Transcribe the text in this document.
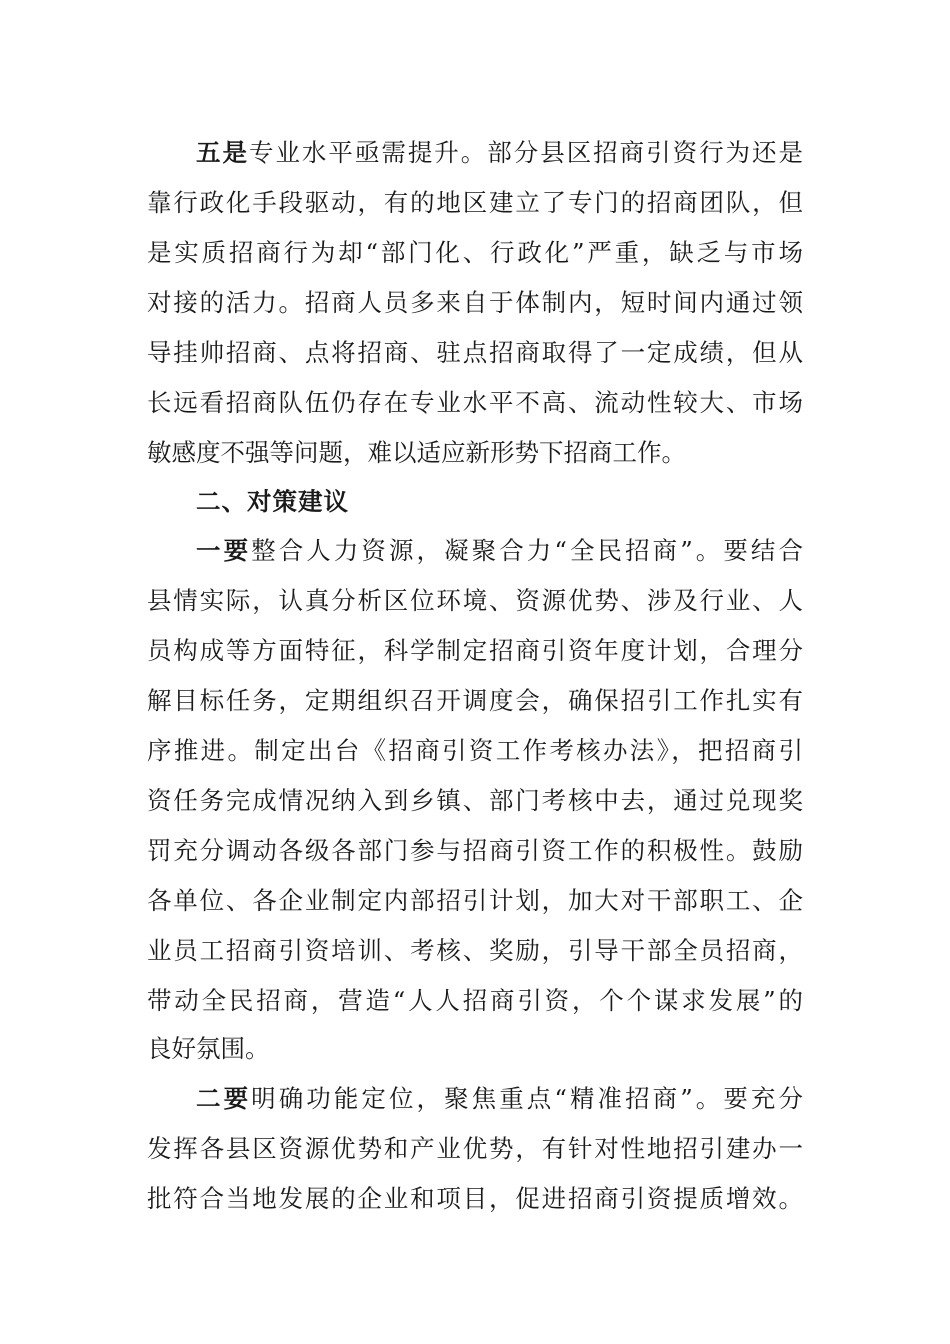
五是专业水平亟需提升。部分县区招商引资行为还是
靠行政化手段驱动，有的地区建立了专门的招商团队，但
是实质招商行为却“部门化、行政化”严重，缺乏与市场
对接的活力。招商人员多来自于体制内，短时间内通过领
导挂帅招商、点将招商、驻点招商取得了一定成绩，但从
长远看招商队伍仍存在专业水平不高、流动性较大、市场
敏感度不强等问题，难以适应新形势下招商工作。
二、对策建议
一要整合人力资源，凝聚合力“全民招商”。要结合
县情实际，认真分析区位环境、资源优势、涉及行业、人
员构成等方面特征，科学制定招商引资年度计划，合理分
解目标任务，定期组织召开调度会，确保招引工作扎实有
序推进。制定出台《招商引资工作考核办法》，把招商引
资任务完成情况纳入到乡镇、部门考核中去，通过兑现奖
罚充分调动各级各部门参与招商引资工作的积极性。鼓励
各单位、各企业制定内部招引计划，加大对干部职工、企
业员工招商引资培训、考核、奖励，引导干部全员招商，
带动全民招商，营造“人人招商引资，个个谋求发展”的
良好氛围。
二要明确功能定位，聚焦重点“精准招商”。要充分
发挥各县区资源优势和产业优势，有针对性地招引建办一
批符合当地发展的企业和项目，促进招商引资提质增效。
